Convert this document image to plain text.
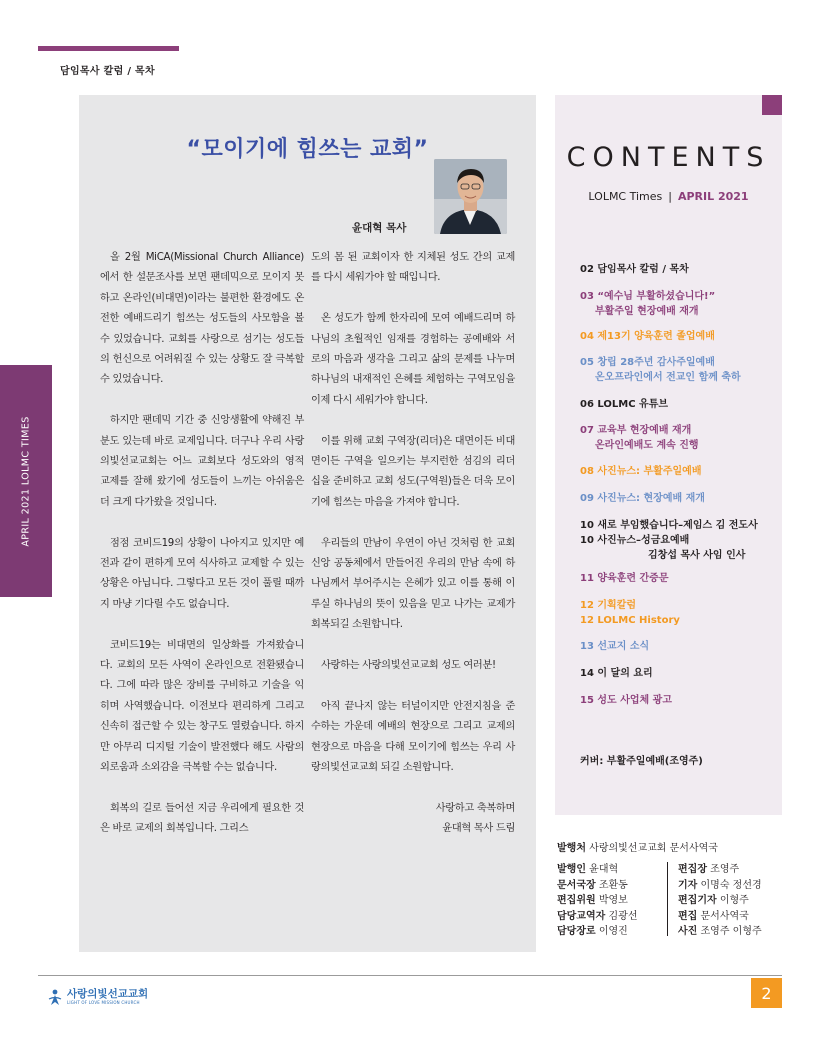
담임목사 칼럼 / 목차
APRIL 2021 LOLMC TIMES
“모이기에 힘쓰는 교회”
윤대혁 목사

올 2월 MiCA(Missional Church Alliance)에서 한 설문조사를 보면 팬데믹으로 모이지 못하고 온라인(비대면)이라는 불편한 환경에도 온전한 예배드리기 힘쓰는 성도들의 사모함을 볼 수 있었습니다. 교회를 사랑으로 섬기는 성도들의 헌신으로 어려워질 수 있는 상황도 잘 극복할 수 있었습니다.

하지만 팬데믹 기간 중 신앙생활에 약해진 부분도 있는데 바로 교제입니다. 더구나 우리 사랑의빛선교교회는 어느 교회보다 성도와의 영적 교제를 잘해 왔기에 성도들이 느끼는 아쉬움은 더 크게 다가왔을 것입니다.

점점 코비드19의 상황이 나아지고 있지만 예전과 같이 편하게 모여 식사하고 교제할 수 있는 상황은 아닙니다. 그렇다고 모든 것이 풀릴 때까지 마냥 기다릴 수도 없습니다.

코비드19는 비대면의 일상화를 가져왔습니다. 교회의 모든 사역이 온라인으로 전환됐습니다. 그에 따라 많은 장비를 구비하고 기술을 익히며 사역했습니다. 이전보다 편리하게 그리고 신속히 접근할 수 있는 창구도 열렸습니다. 하지만 아무리 디지털 기술이 발전했다 해도 사람의 외로움과 소외감을 극복할 수는 없습니다.

회복의 길로 들어선 지금 우리에게 필요한 것은 바로 교제의 회복입니다. 그리스

도의 몸 된 교회이자 한 지체된 성도 간의 교제를 다시 세워가야 할 때입니다.

온 성도가 함께 한자리에 모여 예배드리며 하나님의 초월적인 임재를 경험하는 공예배와 서로의 마음과 생각을 그리고 삶의 문제를 나누며 하나님의 내재적인 은혜를 체험하는 구역모임을 이제 다시 세워가야 합니다.

이를 위해 교회 구역장(리더)은 대면이든 비대면이든 구역을 일으키는 부지런한 섬김의 리더십을 준비하고 교회 성도(구역원)들은 더욱 모이기에 힘쓰는 마음을 가져야 합니다.

우리들의 만남이 우연이 아닌 것처럼 한 교회 신앙 공동체에서 만들어진 우리의 만남 속에 하나님께서 부어주시는 은혜가 있고 이를 통해 이루실 하나님의 뜻이 있음을 믿고 나가는 교제가 회복되길 소원합니다.

사랑하는 사랑의빛선교교회 성도 여러분!

아직 끝나지 않는 터널이지만 안전지침을 준수하는 가운데 예배의 현장으로 그리고 교제의 현장으로 마음을 다해 모이기에 힘쓰는 우리 사랑의빛선교교회 되길 소원합니다.

사랑하고 축복하며
윤대혁 목사 드림
CONTENTS
LOLMC Times | APRIL 2021
02 담임목사 칼럼 / 목차
03 “예수님 부활하셨습니다!”
부활주일 현장예배 재개
04 제13기 양육훈련 졸업예배
05 창립 28주년 감사주일예배
온오프라인에서 전교인 함께 축하
06 LOLMC 유튜브
07 교육부 현장예배 재개
온라인예배도 계속 진행
08 사진뉴스: 부활주일예배
09 사진뉴스: 현장예배 재개
10 새로 부임했습니다–제임스 김 전도사
10 사진뉴스–성금요예배
김창섭 목사 사임 인사
11 양육훈련 간증문
12 기획칼럼
12 LOLMC History
13 선교지 소식
14 이 달의 요리
15 성도 사업체 광고
커버: 부활주일예배(조영주)
발행처 사랑의빛선교교회 문서사역국
발행인 윤대혁
문서국장 조환동
편집위원 박영보
담당교역자 김광선
담당장로 이영진
편집장 조영주
기자 이명숙 정선경
편집기자 이형주
편집 문서사역국
사진 조영주 이형주
사랑의빛선교교회
LIGHT OF LOVE MISSION CHURCH	2
